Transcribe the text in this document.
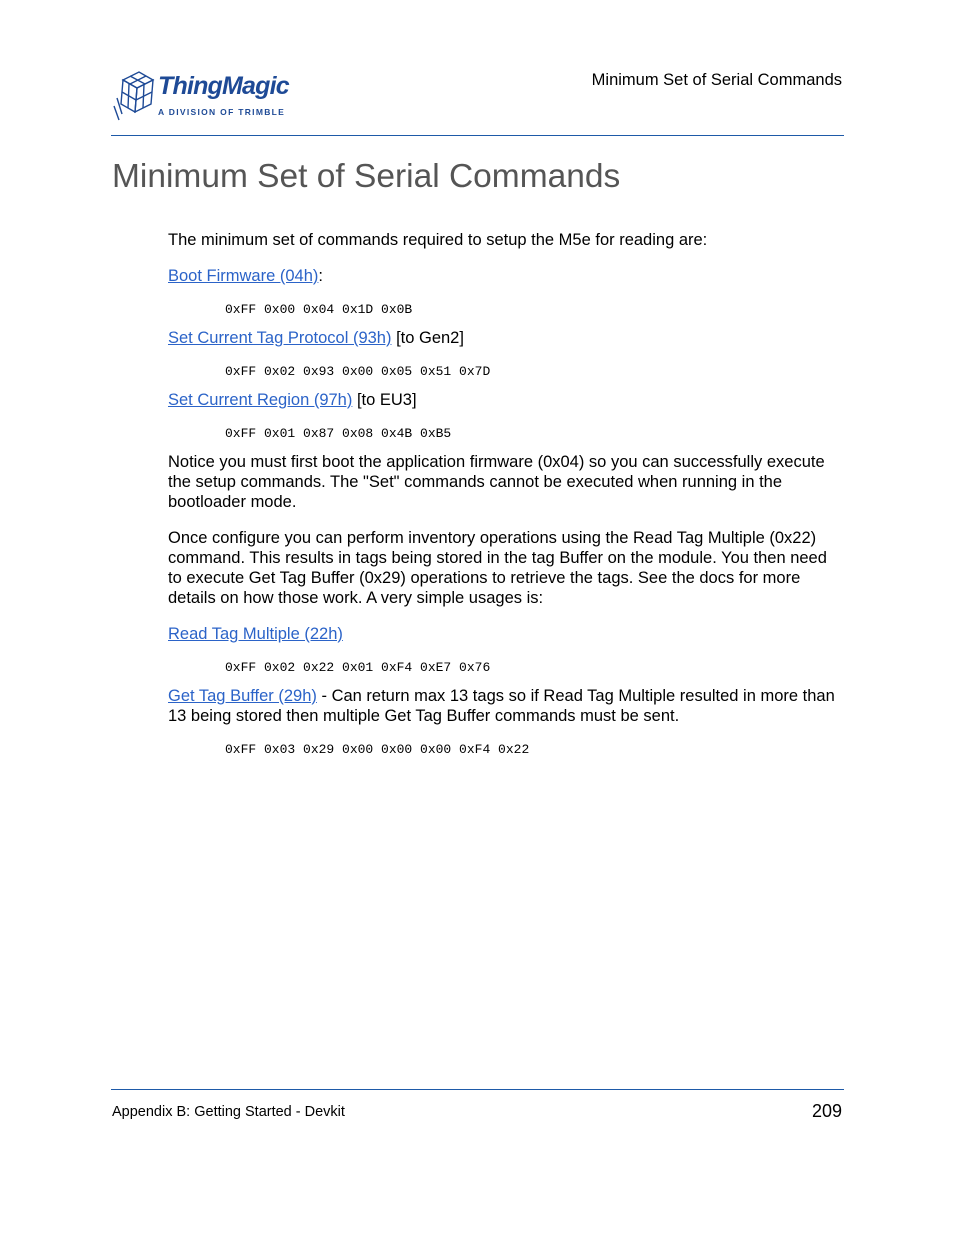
ThingMagic
A DIVISION OF TRIMBLE
Minimum Set of Serial Commands
Minimum Set of Serial Commands

The minimum set of commands required to setup the M5e for reading are:

Boot Firmware (04h):

0xFF 0x00 0x04 0x1D 0x0B

Set Current Tag Protocol (93h) [to Gen2]

0xFF 0x02 0x93 0x00 0x05 0x51 0x7D

Set Current Region (97h) [to EU3]

0xFF 0x01 0x87 0x08 0x4B 0xB5

Notice you must first boot the application firmware (0x04) so you can successfully execute the setup commands. The "Set" commands cannot be executed when running in the bootloader mode.

Once configure you can perform inventory operations using the Read Tag Multiple (0x22) command. This results in tags being stored in the tag Buffer on the module. You then need to execute Get Tag Buffer (0x29) operations to retrieve the tags. See the docs for more details on how those work. A very simple usages is:

Read Tag Multiple (22h)

0xFF 0x02 0x22 0x01 0xF4 0xE7 0x76

Get Tag Buffer (29h) - Can return max 13 tags so if Read Tag Multiple resulted in more than 13 being stored then multiple Get Tag Buffer commands must be sent.

0xFF 0x03 0x29 0x00 0x00 0x00 0xF4 0x22
Appendix B: Getting Started - Devkit	209
